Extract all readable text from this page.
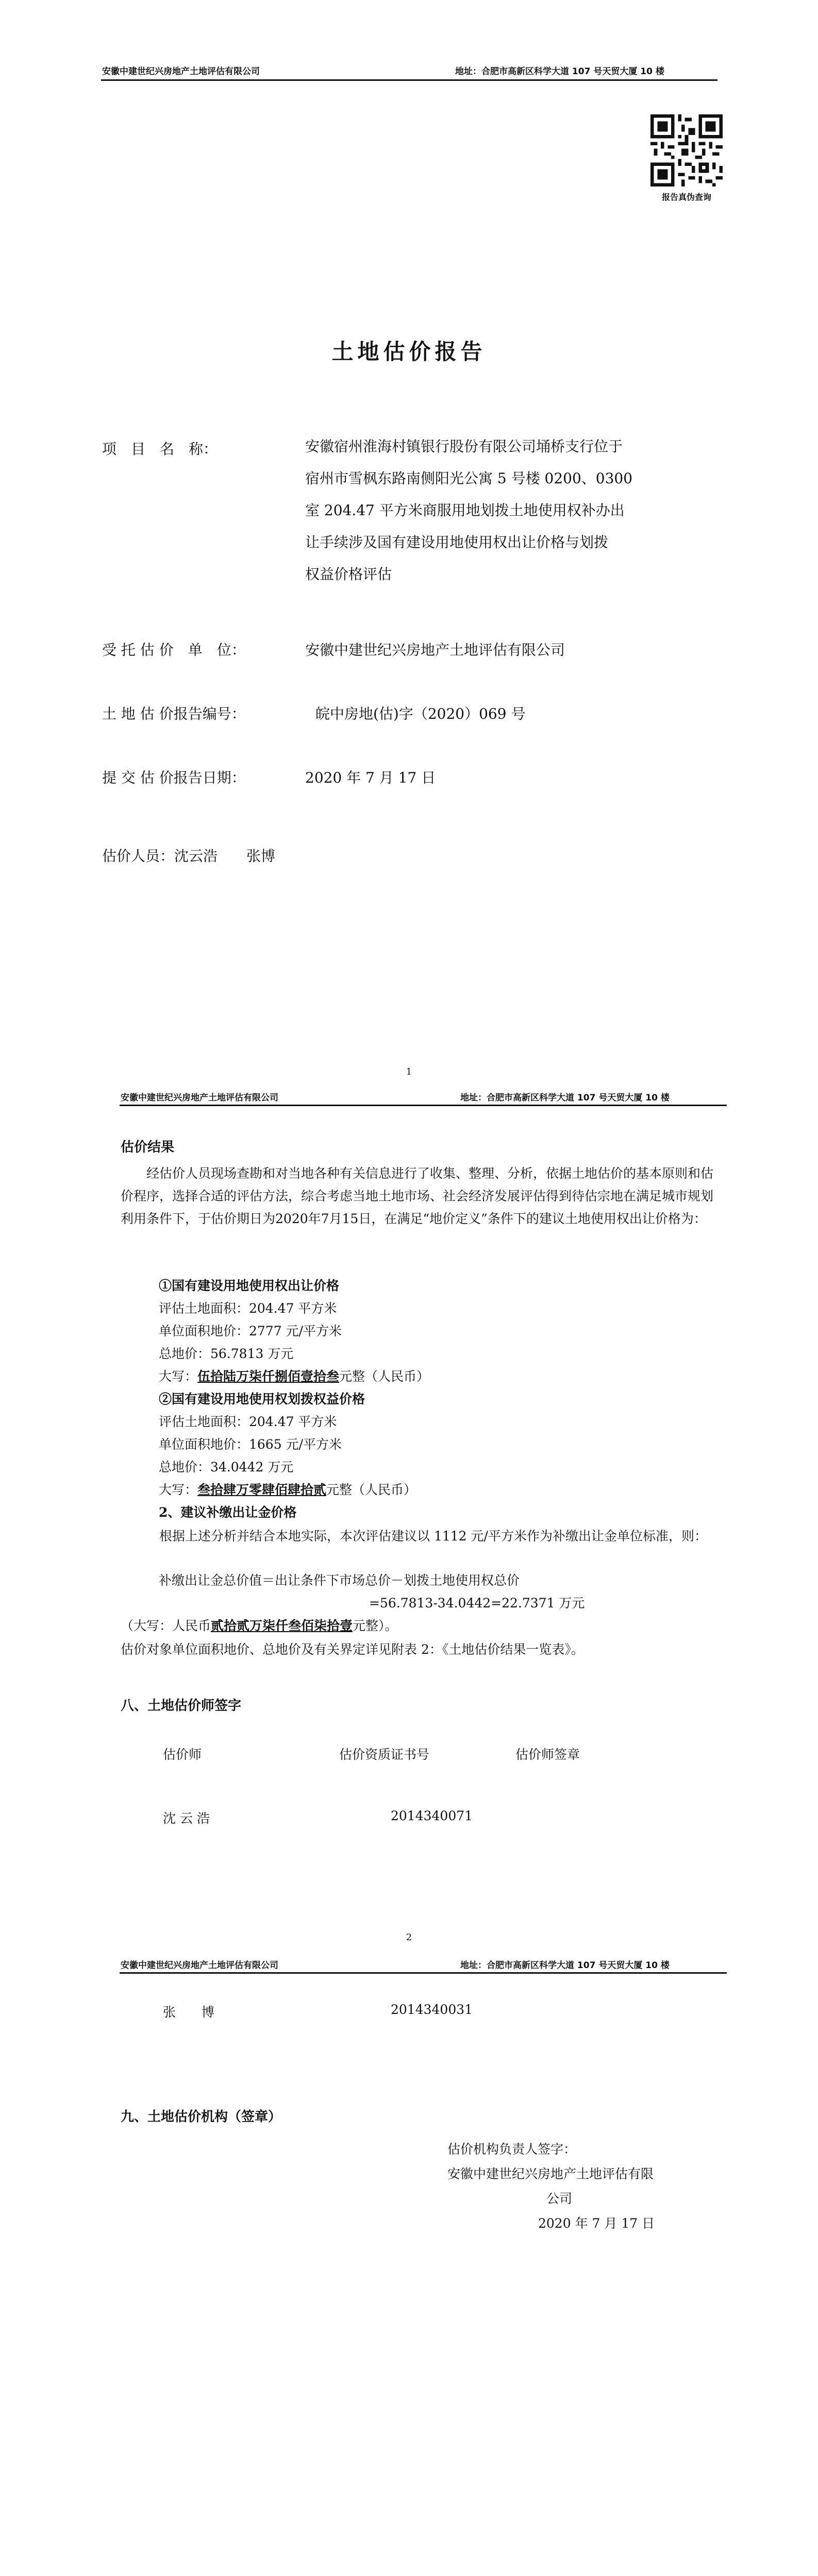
安徽中建世纪兴房地产土地评估有限公司	地址：合肥市高新区科学大道 107 号天贸大厦 10 楼
报告真伪查询
土地估价报告
项　目　名　称：	安徽宿州淮海村镇银行股份有限公司埇桥支行位于
宿州市雪枫东路南侧阳光公寓 5 号楼 0200、0300
室 204.47 平方米商服用地划拨土地使用权补办出
让手续涉及国有建设用地使用权出让价格与划拨
权益价格评估
受 托 估 价　单　位：	安徽中建世纪兴房地产土地评估有限公司
土 地 估 价报告编号：	皖中房地(估)字（2020）069 号
提 交 估 价报告日期：	2020 年 7 月 17 日
估价人员： 沈云浩　　张博
1
安徽中建世纪兴房地产土地评估有限公司	地址：合肥市高新区科学大道 107 号天贸大厦 10 楼
估价结果
经估价人员现场查勘和对当地各种有关信息进行了收集、整理、分析，依据土地估价的基本原则和估价程序，选择合适的评估方法，综合考虑当地土地市场、社会经济发展评估得到待估宗地在满足城市规划利用条件下，于估价期日为2020年7月15日，在满足“地价定义”条件下的建议土地使用权出让价格为：
①国有建设用地使用权出让价格
评估土地面积：204.47 平方米
单位面积地价：2777 元/平方米
总地价：56.7813 万元
大写：伍拾陆万柒仟捌佰壹拾叁元整（人民币）
②国有建设用地使用权划拨权益价格
评估土地面积：204.47 平方米
单位面积地价：1665 元/平方米
总地价：34.0442 万元
大写：叁拾肆万零肆佰肆拾贰元整（人民币）
2、建议补缴出让金价格
根据上述分析并结合本地实际，本次评估建议以 1112 元/平方米作为补缴出让金单位标准，则：
补缴出让金总价值＝出让条件下市场总价－划拨土地使用权总价
=56.7813-34.0442=22.7371 万元
（大写：人民币贰拾贰万柒仟叁佰柒拾壹元整）。
估价对象单位面积地价、总地价及有关界定详见附表 2：《土地估价结果一览表》。
八、土地估价师签字
估价师	估价资质证书号	估价师签章
沈 云 浩	2014340071
2
安徽中建世纪兴房地产土地评估有限公司	地址：合肥市高新区科学大道 107 号天贸大厦 10 楼
张　　博	2014340031
九、土地估价机构（签章）
估价机构负责人签字：
安徽中建世纪兴房地产土地评估有限
公司
2020 年 7 月 17 日
